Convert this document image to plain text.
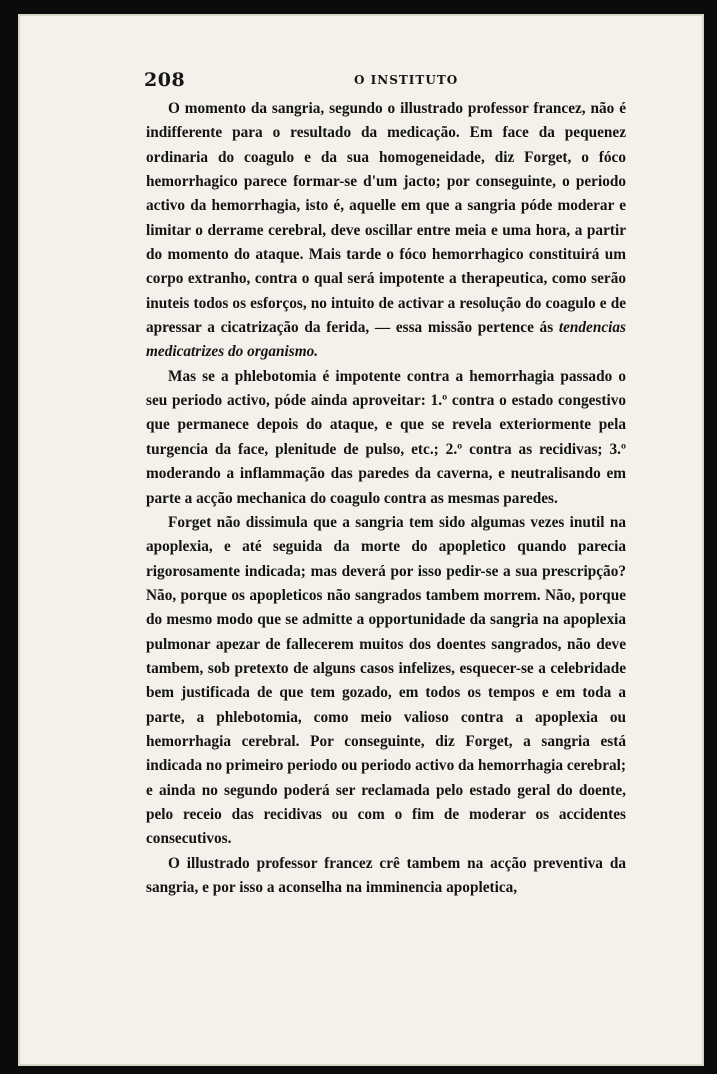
208	O INSTITUTO

O momento da sangria, segundo o illustrado professor francez, não é indifferente para o resultado da medicação. Em face da pequenez ordinaria do coagulo e da sua homogeneidade, diz Forget, o fóco hemorrhagico parece formar-se d'um jacto; por conseguinte, o periodo activo da hemorrhagia, isto é, aquelle em que a sangria póde moderar e limitar o derrame cerebral, deve oscillar entre meia e uma hora, a partir do momento do ataque. Mais tarde o fóco hemorrhagico constituirá um corpo extranho, contra o qual será impotente a therapeutica, como serão inuteis todos os esforços, no intuito de activar a resolução do coagulo e de apressar a cicatrização da ferida, — essa missão pertence ás tendencias medicatrizes do organismo.

Mas se a phlebotomia é impotente contra a hemorrhagia passado o seu periodo activo, póde ainda aproveitar: 1.º contra o estado congestivo que permanece depois do ataque, e que se revela exteriormente pela turgencia da face, plenitude de pulso, etc.; 2.º contra as recidivas; 3.º moderando a inflammação das paredes da caverna, e neutralisando em parte a acção mechanica do coagulo contra as mesmas paredes.

Forget não dissimula que a sangria tem sido algumas vezes inutil na apoplexia, e até seguida da morte do apopletico quando parecia rigorosamente indicada; mas deverá por isso pedir-se a sua prescripção? Não, porque os apopleticos não sangrados tambem morrem. Não, porque do mesmo modo que se admitte a opportunidade da sangria na apoplexia pulmonar apezar de fallecerem muitos dos doentes sangrados, não deve tambem, sob pretexto de alguns casos infelizes, esquecer-se a celebridade bem justificada de que tem gozado, em todos os tempos e em toda a parte, a phlebotomia, como meio valioso contra a apoplexia ou hemorrhagia cerebral. Por conseguinte, diz Forget, a sangria está indicada no primeiro periodo ou periodo activo da hemorrhagia cerebral; e ainda no segundo poderá ser reclamada pelo estado geral do doente, pelo receio das recidivas ou com o fim de moderar os accidentes consecutivos.

O illustrado professor francez crê tambem na acção preventiva da sangria, e por isso a aconselha na imminencia apopletica,
